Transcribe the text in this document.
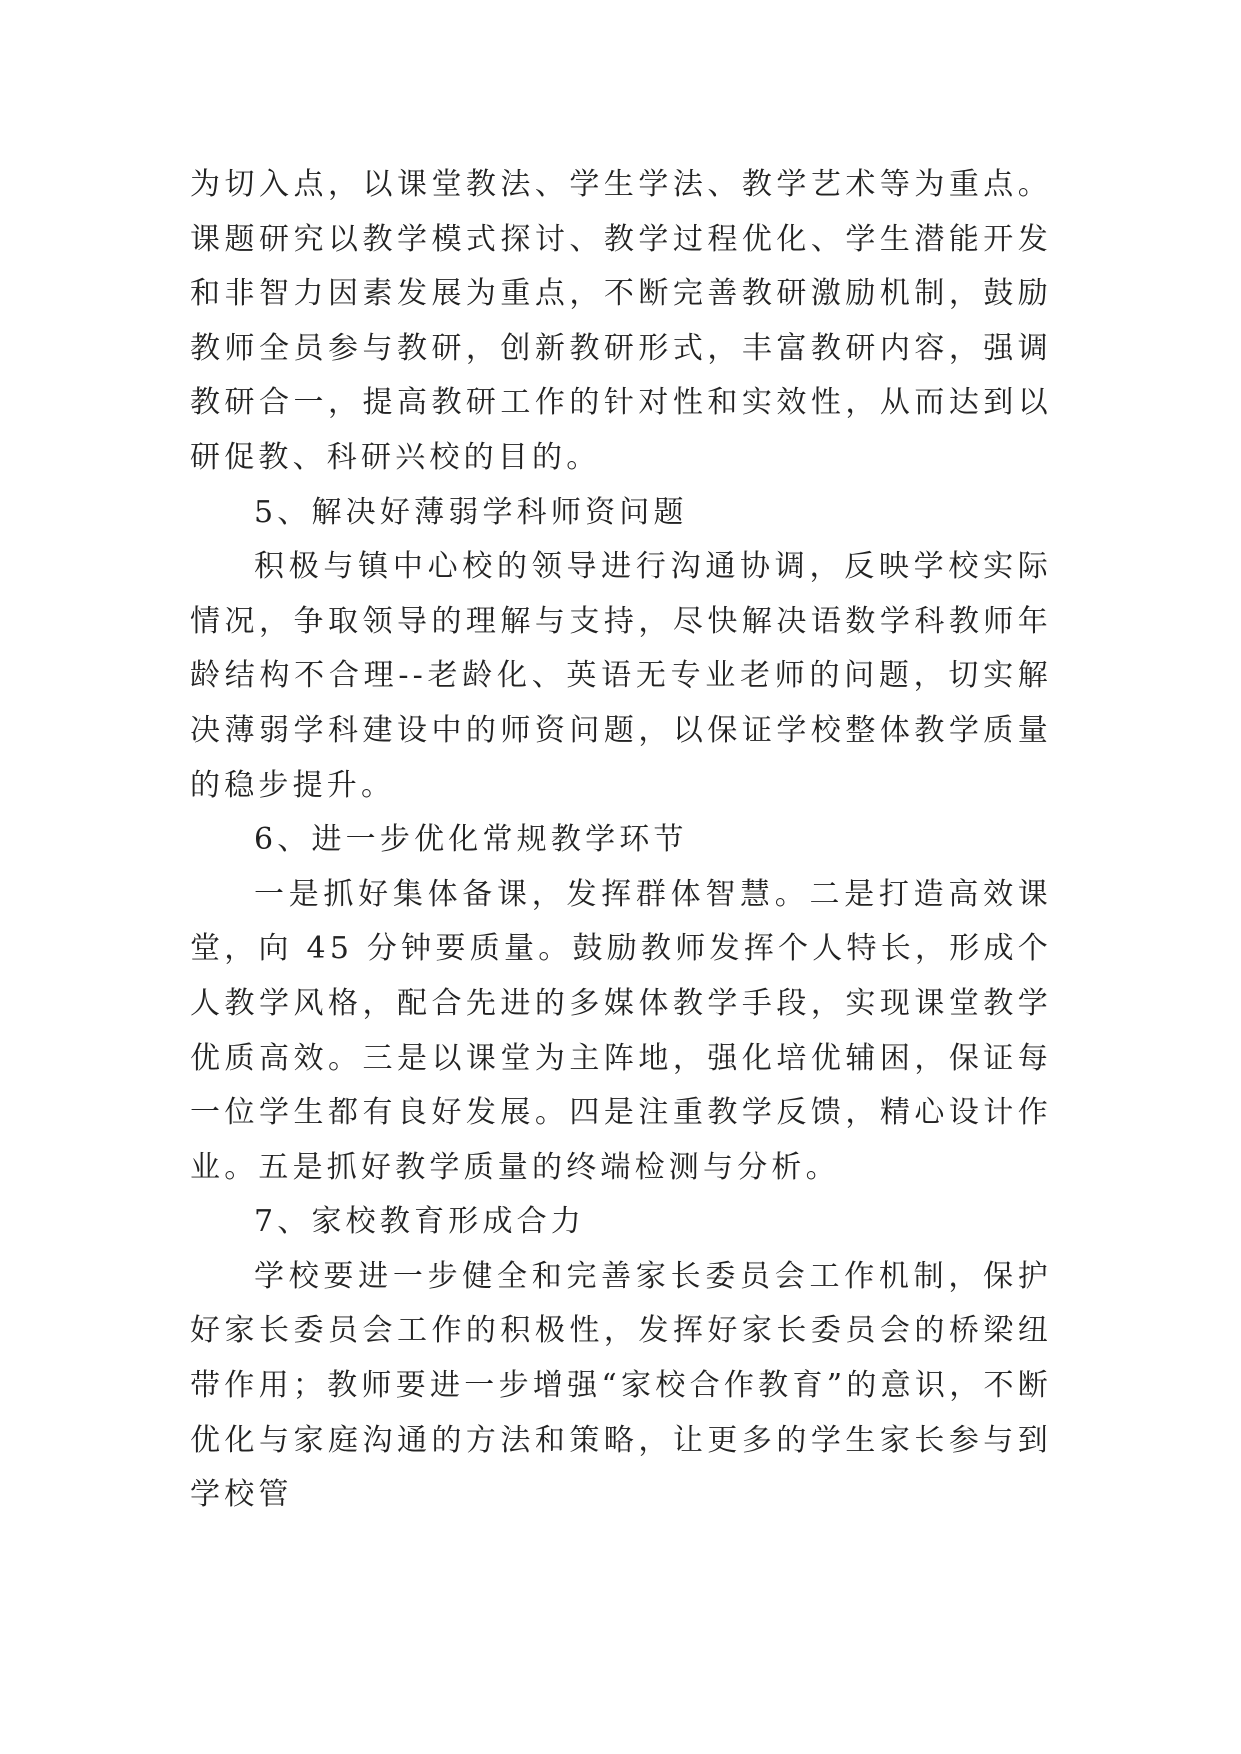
为切入点，以课堂教法、学生学法、教学艺术等为重点。课题研究以教学模式探讨、教学过程优化、学生潜能开发和非智力因素发展为重点，不断完善教研激励机制，鼓励教师全员参与教研，创新教研形式，丰富教研内容，强调教研合一，提高教研工作的针对性和实效性，从而达到以研促教、科研兴校的目的。

5、解决好薄弱学科师资问题

积极与镇中心校的领导进行沟通协调，反映学校实际情况，争取领导的理解与支持，尽快解决语数学科教师年龄结构不合理--老龄化、英语无专业老师的问题，切实解决薄弱学科建设中的师资问题，以保证学校整体教学质量的稳步提升。

6、进一步优化常规教学环节

一是抓好集体备课，发挥群体智慧。二是打造高效课堂，向 45 分钟要质量。鼓励教师发挥个人特长，形成个人教学风格，配合先进的多媒体教学手段，实现课堂教学优质高效。三是以课堂为主阵地，强化培优辅困，保证每一位学生都有良好发展。四是注重教学反馈，精心设计作业。五是抓好教学质量的终端检测与分析。

7、家校教育形成合力

学校要进一步健全和完善家长委员会工作机制，保护好家长委员会工作的积极性，发挥好家长委员会的桥梁纽带作用；教师要进一步增强“家校合作教育”的意识，不断优化与家庭沟通的方法和策略，让更多的学生家长参与到学校管
